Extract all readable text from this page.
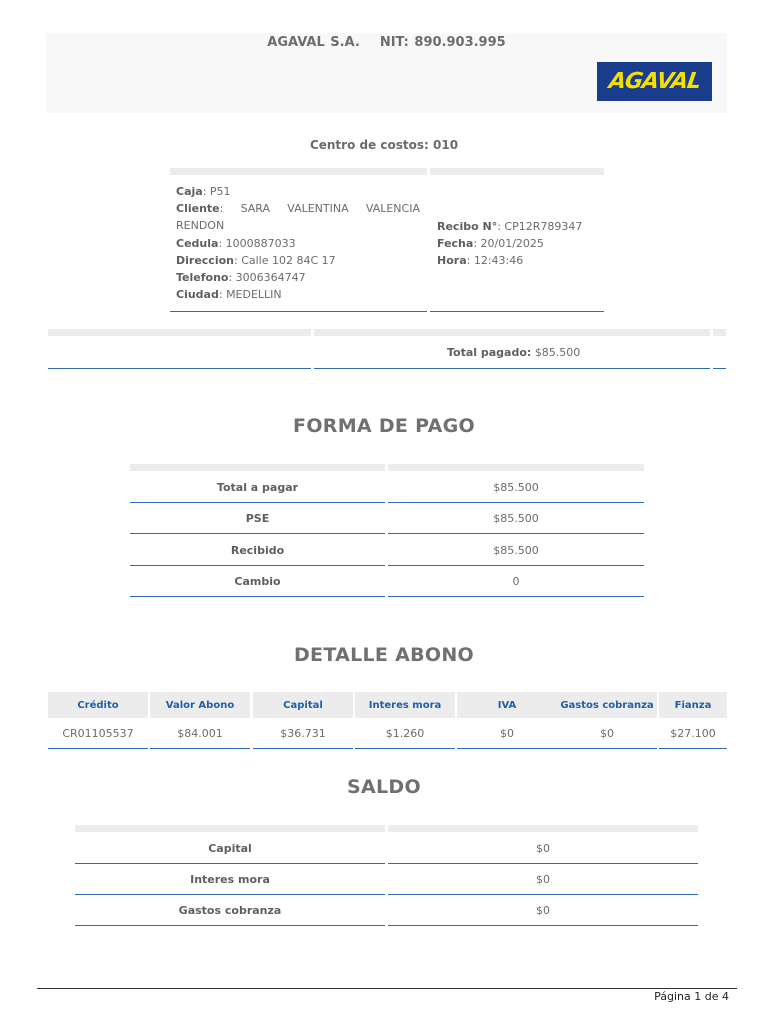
AGAVAL S.A. NIT: 890.903.995
AGAVAL
Centro de costos: 010
Caja: P51
Cliente: SARA VALENTINA VALENCIA
RENDON
Cedula: 1000887033
Direccion: Calle 102 84C 17
Telefono: 3006364747
Ciudad: MEDELLIN
Recibo N°: CP12R789347
Fecha: 20/01/2025
Hora: 12:43:46
Total pagado: $85.500
FORMA DE PAGO
Total a pagar	$85.500
PSE	$85.500
Recibido	$85.500
Cambio	0
DETALLE ABONO
Crédito	Valor Abono	Capital	Interes mora	IVA	Gastos cobranza	Fianza
CR01105537	$84.001	$36.731	$1.260	$0	$0	$27.100
SALDO
Capital	$0
Interes mora	$0
Gastos cobranza	$0
Página 1 de 4
